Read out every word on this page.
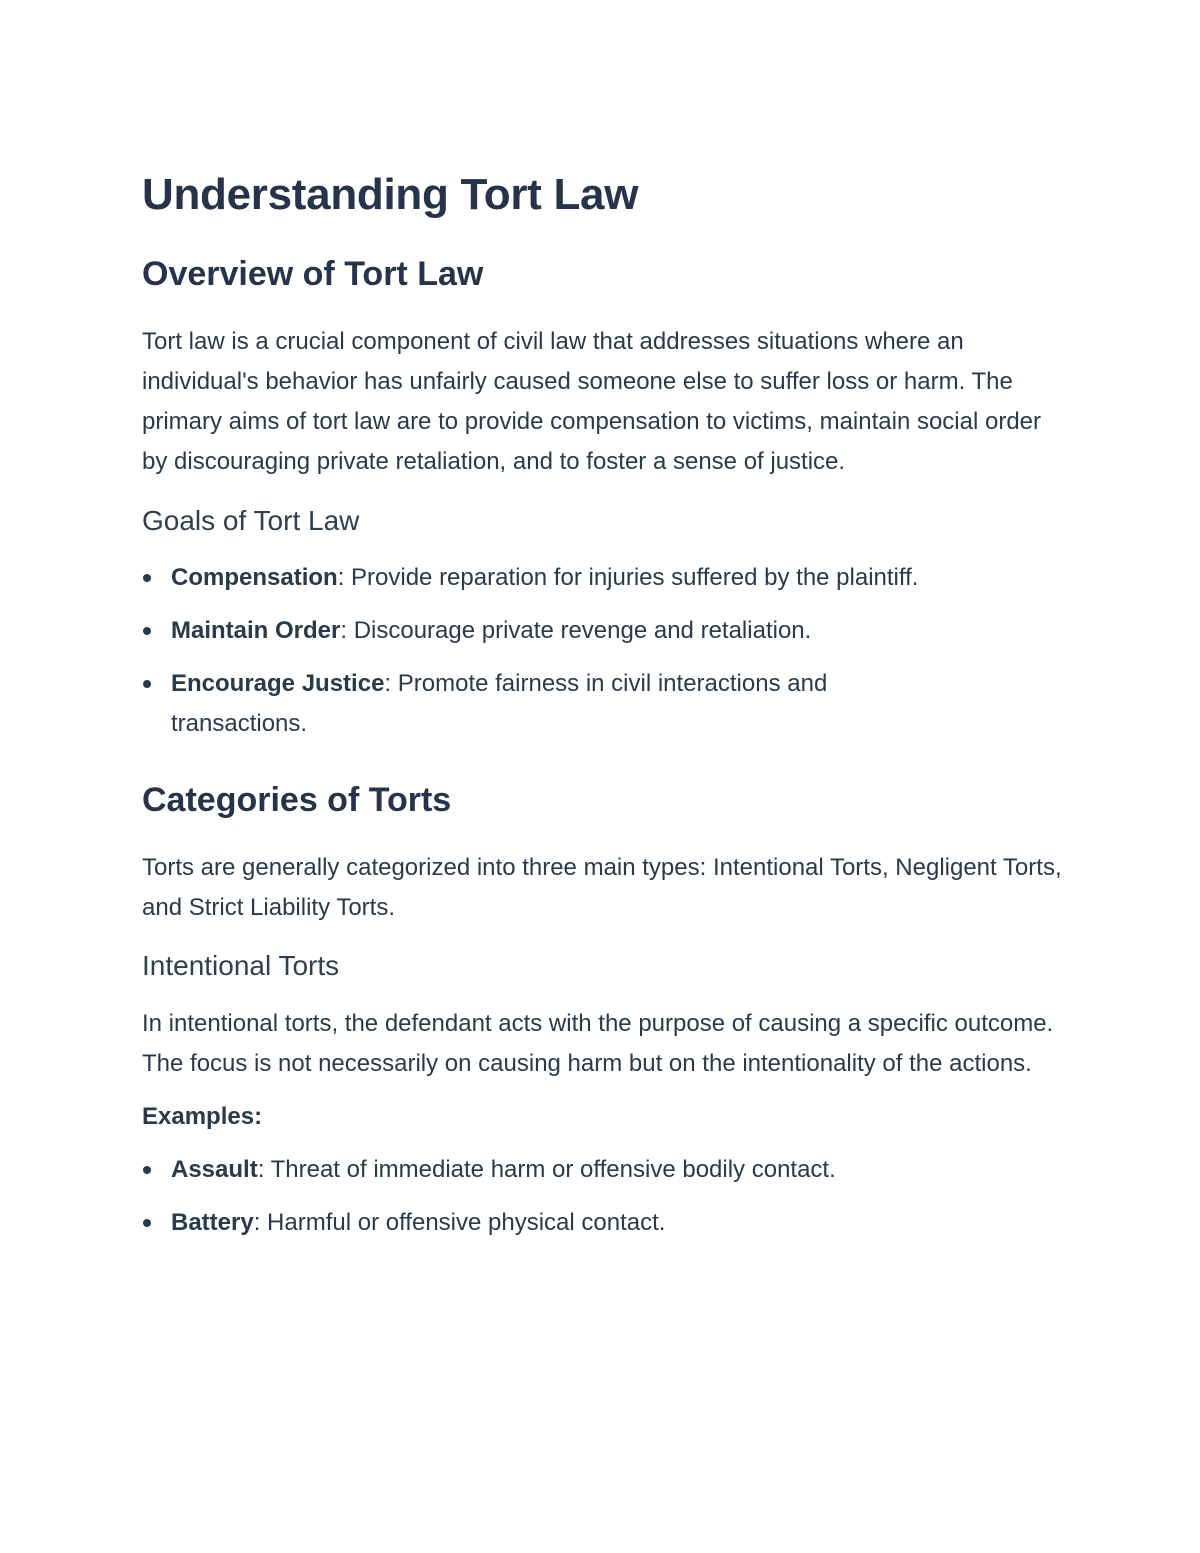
Understanding Tort Law
Overview of Tort Law

Tort law is a crucial component of civil law that addresses situations where an individual's behavior has unfairly caused someone else to suffer loss or harm. The primary aims of tort law are to provide compensation to victims, maintain social order by discouraging private retaliation, and to foster a sense of justice.

Goals of Tort Law
Compensation: Provide reparation for injuries suffered by the plaintiff.
Maintain Order: Discourage private revenge and retaliation.
Encourage Justice: Promote fairness in civil interactions and transactions.
Categories of Torts

Torts are generally categorized into three main types: Intentional Torts, Negligent Torts, and Strict Liability Torts.

Intentional Torts

In intentional torts, the defendant acts with the purpose of causing a specific outcome. The focus is not necessarily on causing harm but on the intentionality of the actions.

Examples:
Assault: Threat of immediate harm or offensive bodily contact.
Battery: Harmful or offensive physical contact.
